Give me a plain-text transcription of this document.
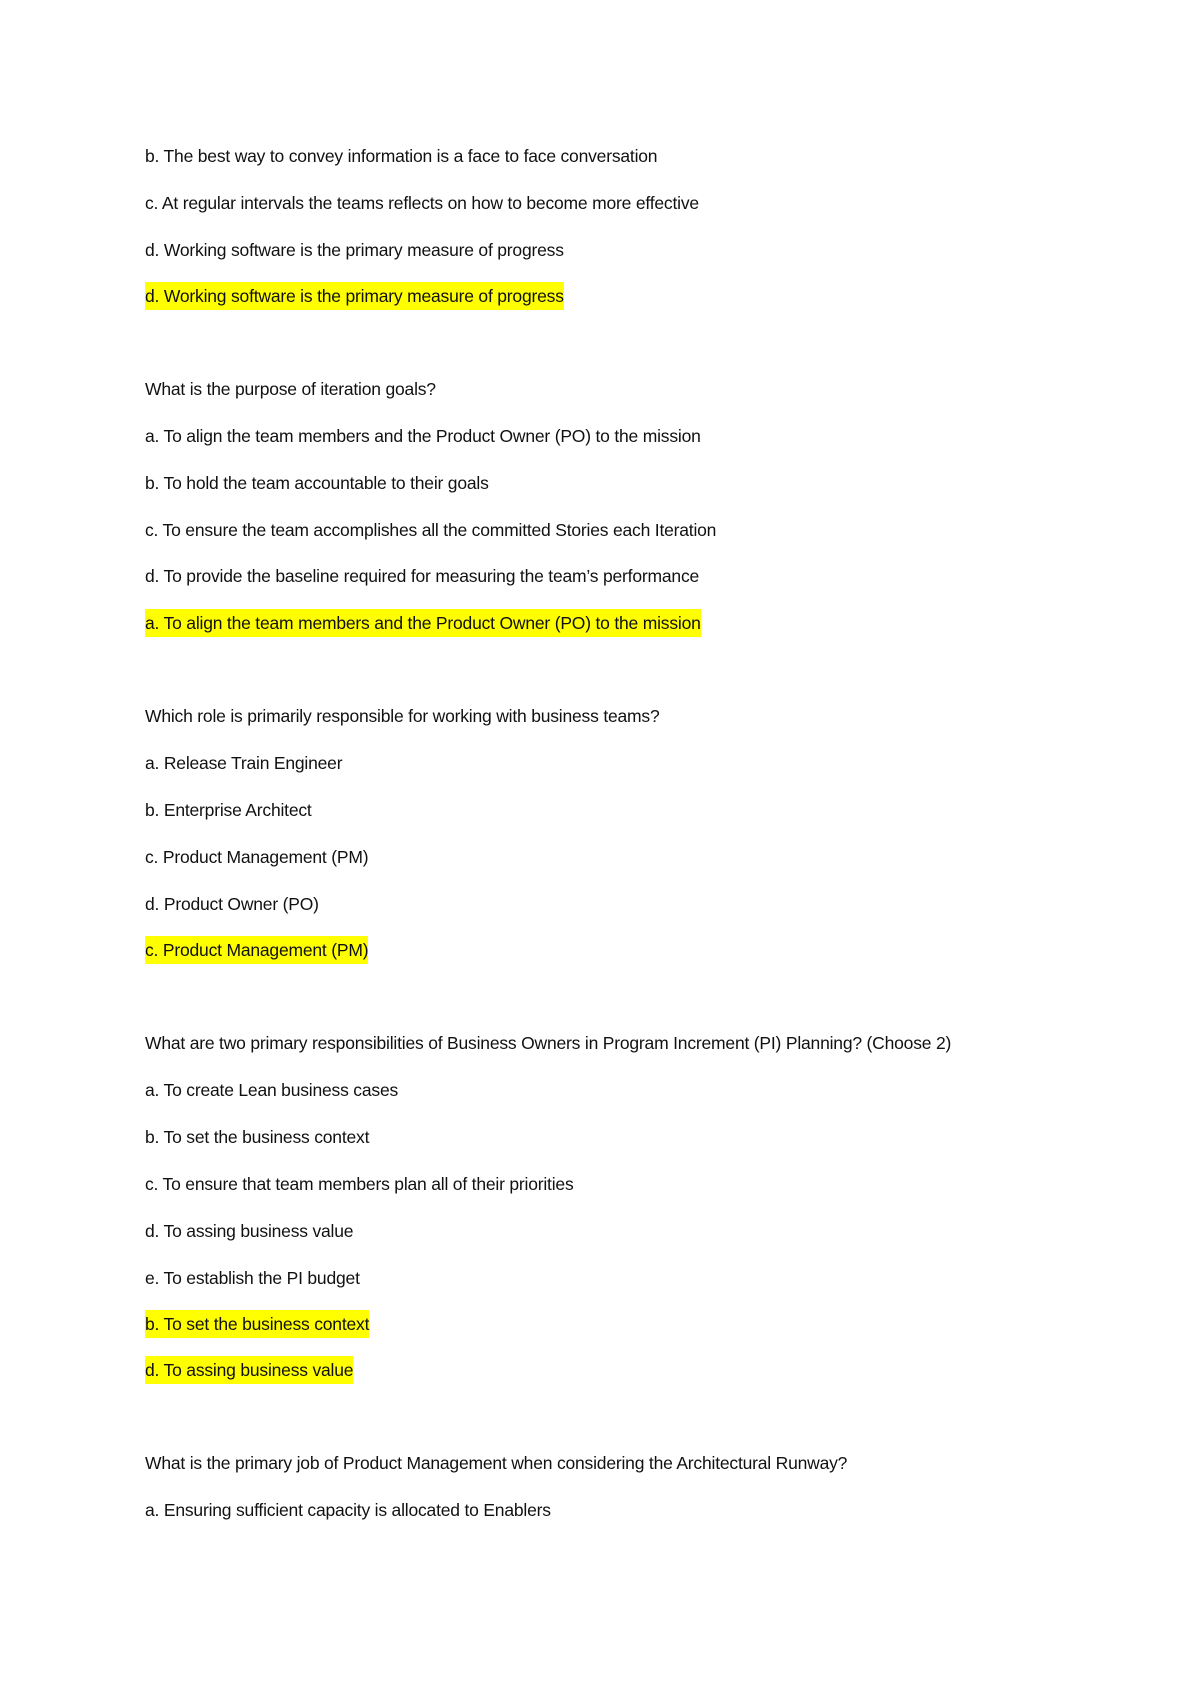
b. The best way to convey information is a face to face conversation
c. At regular intervals the teams reflects on how to become more effective
d. Working software is the primary measure of progress
d. Working software is the primary measure of progress
What is the purpose of iteration goals?
a. To align the team members and the Product Owner (PO) to the mission
b. To hold the team accountable to their goals
c. To ensure the team accomplishes all the committed Stories each Iteration
d. To provide the baseline required for measuring the team’s performance
a. To align the team members and the Product Owner (PO) to the mission
Which role is primarily responsible for working with business teams?
a. Release Train Engineer
b. Enterprise Architect
c. Product Management (PM)
d. Product Owner (PO)
c. Product Management (PM)
What are two primary responsibilities of Business Owners in Program Increment (PI) Planning? (Choose 2)
a. To create Lean business cases
b. To set the business context
c. To ensure that team members plan all of their priorities
d. To assing business value
e. To establish the PI budget
b. To set the business context
d. To assing business value
What is the primary job of Product Management when considering the Architectural Runway?
a. Ensuring sufficient capacity is allocated to Enablers
